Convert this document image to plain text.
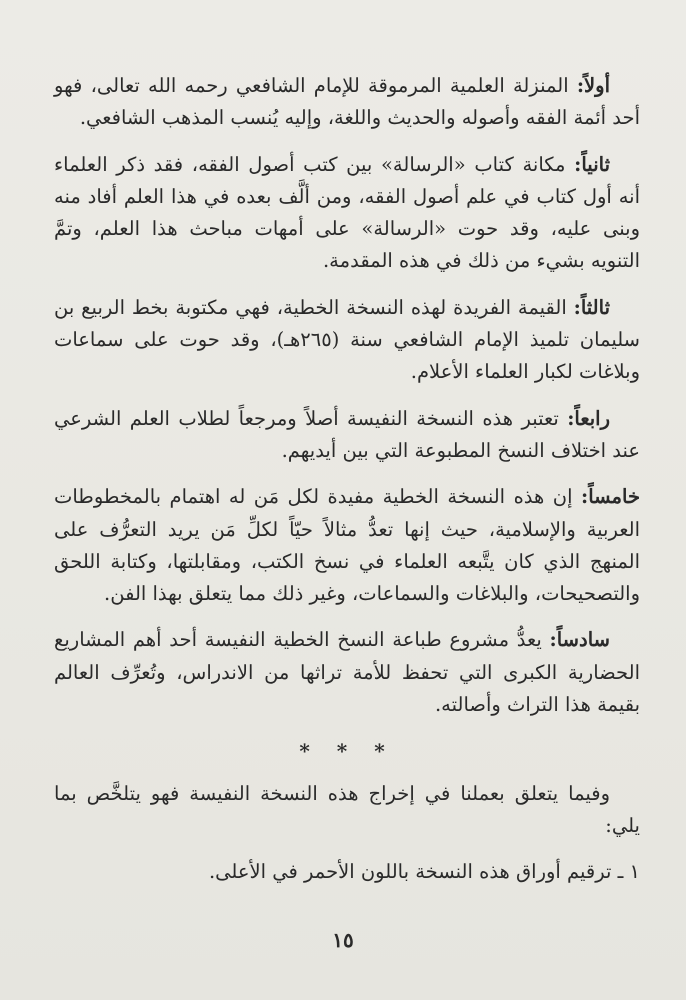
أولاً: المنزلة العلمية المرموقة للإمام الشافعي رحمه الله تعالى، فهو أحد أئمة الفقه وأصوله والحديث واللغة، وإليه يُنسب المذهب الشافعي.

ثانياً: مكانة كتاب «الرسالة» بين كتب أصول الفقه، فقد ذكر العلماء أنه أول كتاب في علم أصول الفقه، ومن ألَّف بعده في هذا العلم أفاد منه وبنى عليه، وقد حوت «الرسالة» على أمهات مباحث هذا العلم، وتمَّ التنويه بشيء من ذلك في هذه المقدمة.

ثالثاً: القيمة الفريدة لهذه النسخة الخطية، فهي مكتوبة بخط الربيع بن سليمان تلميذ الإمام الشافعي سنة (٢٦٥هـ)، وقد حوت على سماعات وبلاغات لكبار العلماء الأعلام.

رابعاً: تعتبر هذه النسخة النفيسة أصلاً ومرجعاً لطلاب العلم الشرعي عند اختلاف النسخ المطبوعة التي بين أيديهم.

خامساً: إن هذه النسخة الخطية مفيدة لكل مَن له اهتمام بالمخطوطات العربية والإسلامية، حيث إنها تعدُّ مثالاً حيّاً لكلِّ مَن يريد التعرُّف على المنهج الذي كان يتَّبعه العلماء في نسخ الكتب، ومقابلتها، وكتابة اللحق والتصحيحات، والبلاغات والسماعات، وغير ذلك مما يتعلق بهذا الفن.

سادساً: يعدُّ مشروع طباعة النسخ الخطية النفيسة أحد أهم المشاريع الحضارية الكبرى التي تحفظ للأمة تراثها من الاندراس، وتُعرِّف العالم بقيمة هذا التراث وأصالته.

* * *

وفيما يتعلق بعملنا في إخراج هذه النسخة النفيسة فهو يتلخَّص بما يلي:

١ ـ ترقيم أوراق هذه النسخة باللون الأحمر في الأعلى.

١٥
